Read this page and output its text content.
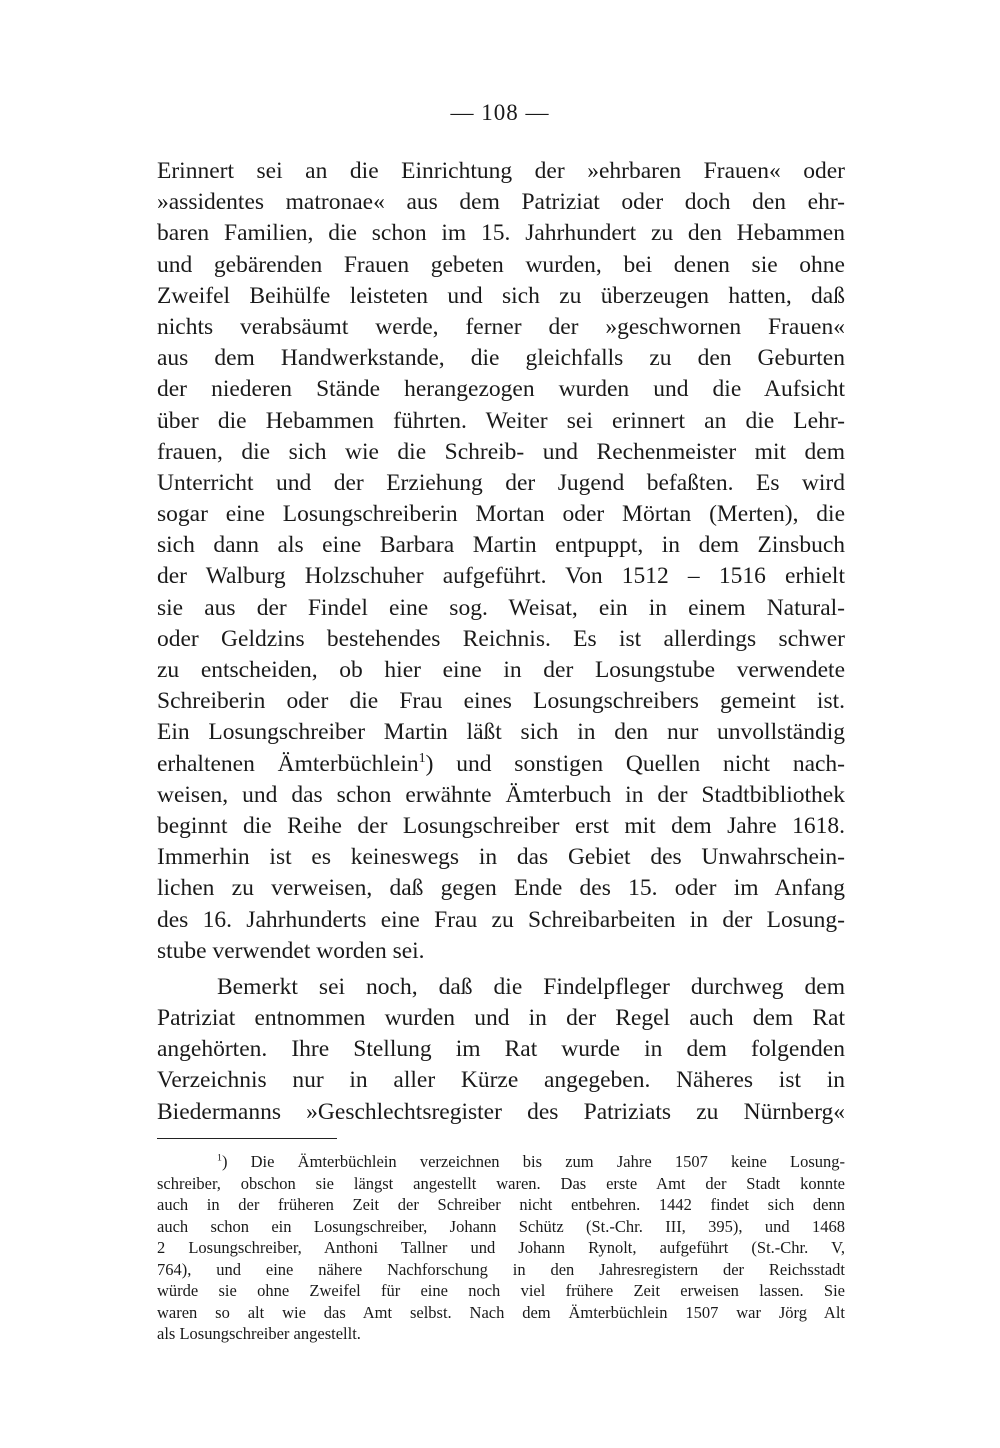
— 108 —
Erinnert sei an die Einrichtung der »ehrbaren Frauen« oder
»assidentes matronae« aus dem Patriziat oder doch den ehr-
baren Familien, die schon im 15. Jahrhundert zu den Hebammen
und gebärenden Frauen gebeten wurden, bei denen sie ohne
Zweifel Beihülfe leisteten und sich zu überzeugen hatten, daß
nichts verabsäumt werde, ferner der »geschwornen Frauen«
aus dem Handwerkstande, die gleichfalls zu den Geburten
der niederen Stände herangezogen wurden und die Aufsicht
über die Hebammen führten. Weiter sei erinnert an die Lehr-
frauen, die sich wie die Schreib- und Rechenmeister mit dem
Unterricht und der Erziehung der Jugend befaßten. Es wird
sogar eine Losungschreiberin Mortan oder Mörtan (Merten), die
sich dann als eine Barbara Martin entpuppt, in dem Zinsbuch
der Walburg Holzschuher aufgeführt. Von 1512 – 1516 erhielt
sie aus der Findel eine sog. Weisat, ein in einem Natural-
oder Geldzins bestehendes Reichnis. Es ist allerdings schwer
zu entscheiden, ob hier eine in der Losungstube verwendete
Schreiberin oder die Frau eines Losungschreibers gemeint ist.
Ein Losungschreiber Martin läßt sich in den nur unvollständig
erhaltenen Ämterbüchlein$^1$) und sonstigen Quellen nicht nach-
weisen, und das schon erwähnte Ämterbuch in der Stadtbibliothek
beginnt die Reihe der Losungschreiber erst mit dem Jahre 1618.
Immerhin ist es keineswegs in das Gebiet des Unwahrschein-
lichen zu verweisen, daß gegen Ende des 15. oder im Anfang
des 16. Jahrhunderts eine Frau zu Schreibarbeiten in der Losung-
stube verwendet worden sei.
Bemerkt sei noch, daß die Findelpfleger durchweg dem
Patriziat entnommen wurden und in der Regel auch dem Rat
angehörten. Ihre Stellung im Rat wurde in dem folgenden
Verzeichnis nur in aller Kürze angegeben. Näheres ist in
Biedermanns »Geschlechtsregister des Patriziats zu Nürnberg«
$^1$) Die Ämterbüchlein verzeichnen bis zum Jahre 1507 keine Losung-
schreiber, obschon sie längst angestellt waren. Das erste Amt der Stadt konnte
auch in der früheren Zeit der Schreiber nicht entbehren. 1442 findet sich denn
auch schon ein Losungschreiber, Johann Schütz (St.-Chr. III, 395), und 1468
2 Losungschreiber, Anthoni Tallner und Johann Rynolt, aufgeführt (St.-Chr. V,
764), und eine nähere Nachforschung in den Jahresregistern der Reichsstadt
würde sie ohne Zweifel für eine noch viel frühere Zeit erweisen lassen. Sie
waren so alt wie das Amt selbst. Nach dem Ämterbüchlein 1507 war Jörg Alt
als Losungschreiber angestellt.
